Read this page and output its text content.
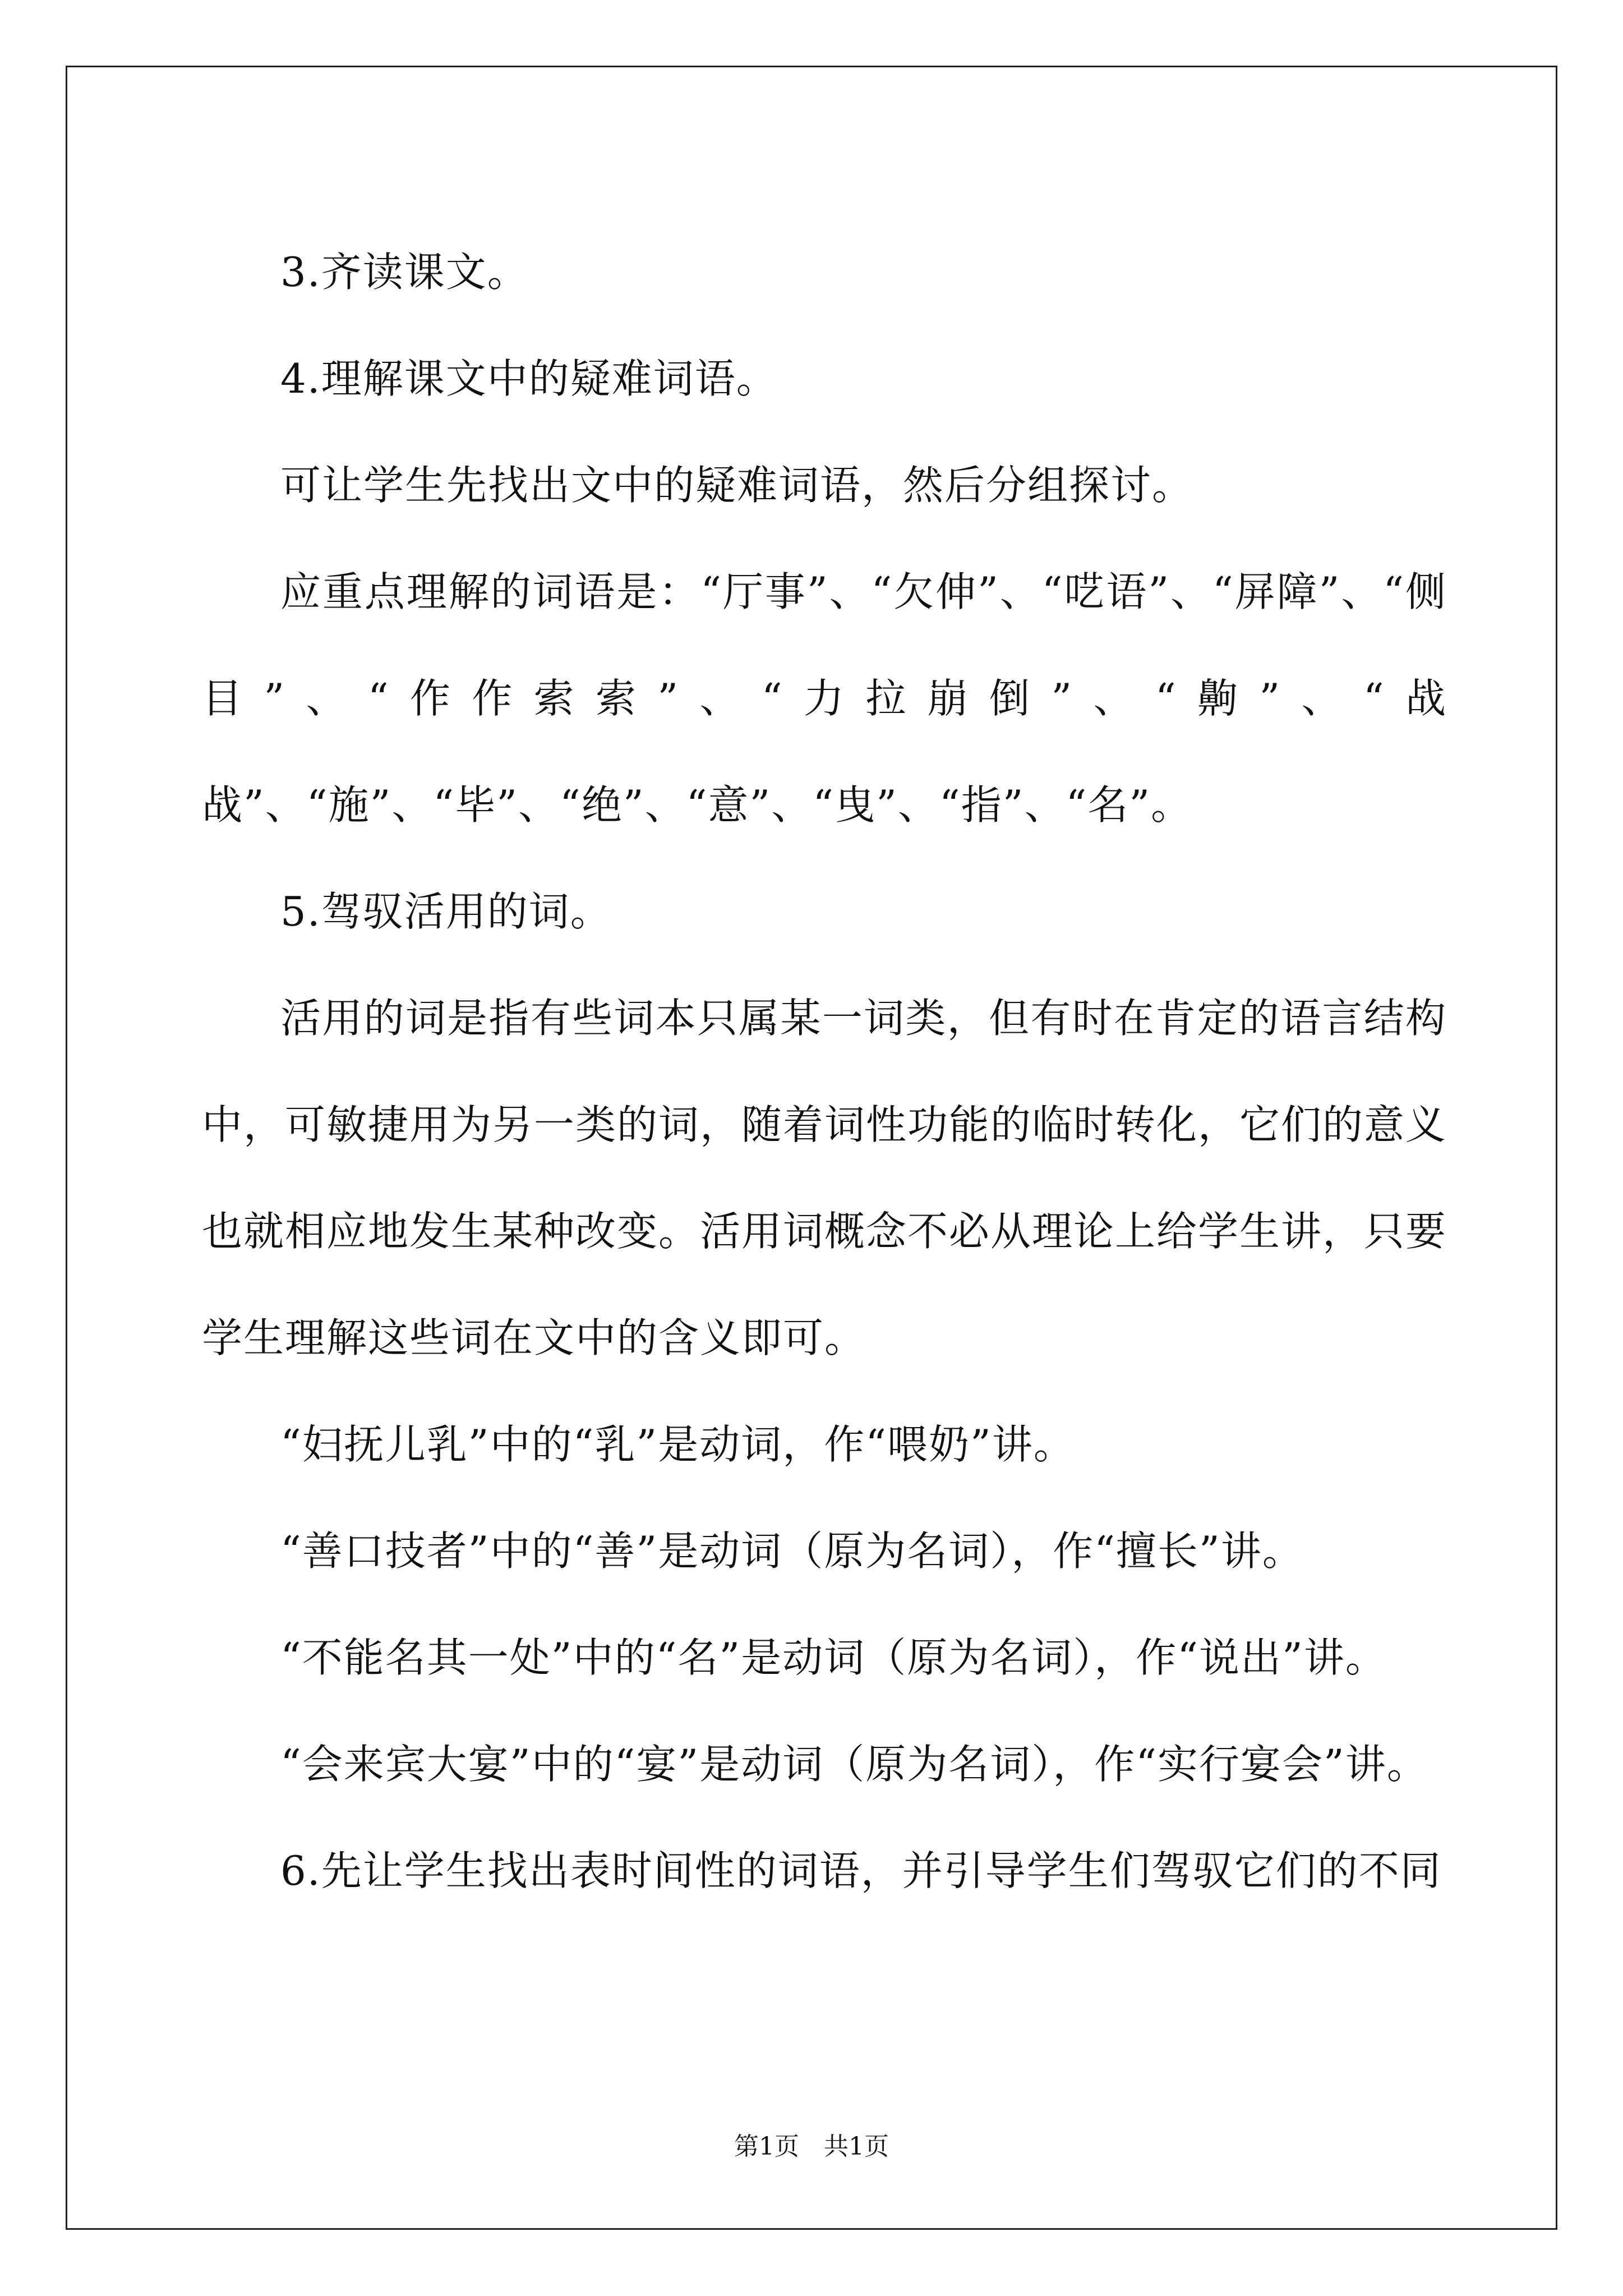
3.齐读课文。

4.理解课文中的疑难词语。

可让学生先找出文中的疑难词语，然后分组探讨。

应重点理解的词语是：“厅事”、“欠伸”、“呓语”、“屏障”、“侧目”、“作作索索”、“力拉崩倒”、“齁”、“战战”、“施”、“毕”、“绝”、“意”、“曳”、“指”、“名”。

5.驾驭活用的词。

活用的词是指有些词本只属某一词类，但有时在肯定的语言结构中，可敏捷用为另一类的词，随着词性功能的临时转化，它们的意义也就相应地发生某种改变。活用词概念不必从理论上给学生讲，只要学生理解这些词在文中的含义即可。

“妇抚儿乳”中的“乳”是动词，作“喂奶”讲。

“善口技者”中的“善”是动词（原为名词），作“擅长”讲。

“不能名其一处”中的“名”是动词（原为名词），作“说出”讲。

“会来宾大宴”中的“宴”是动词（原为名词），作“实行宴会”讲。

6.先让学生找出表时间性的词语，并引导学生们驾驭它们的不同

第1页　共1页
